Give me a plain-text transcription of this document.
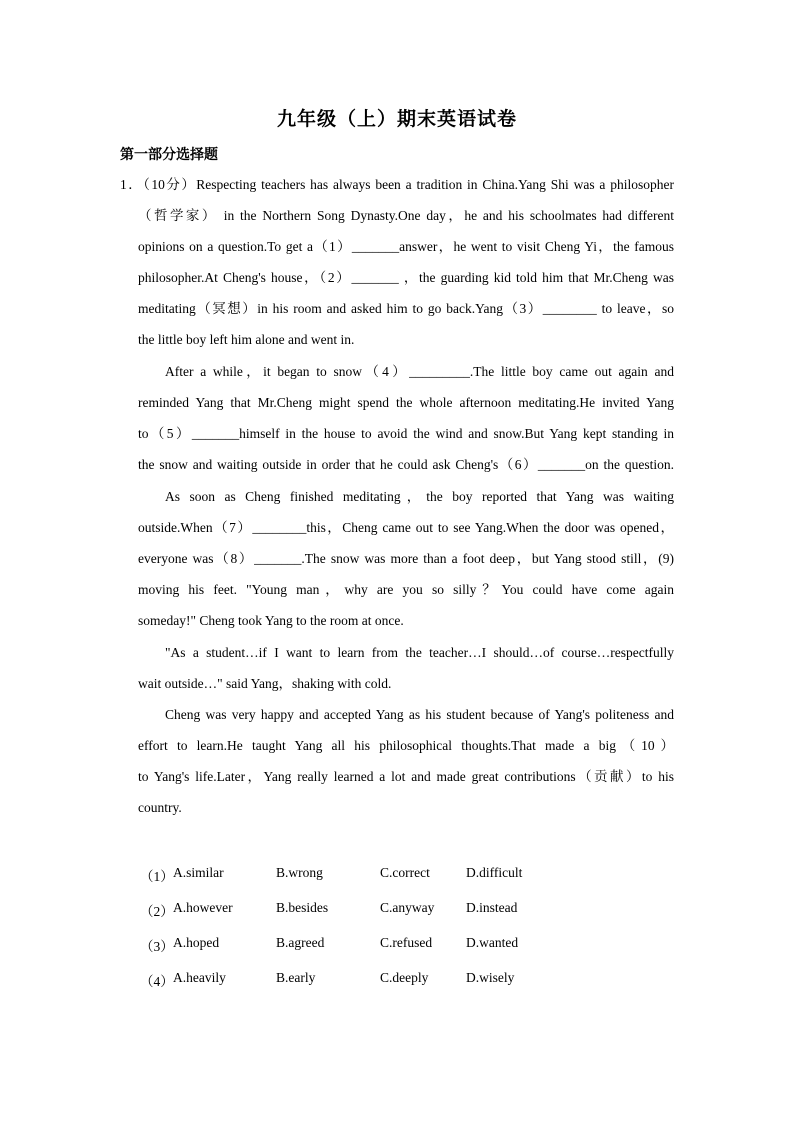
九年级（上）期末英语试卷
第一部分选择题
1．（10分）Respecting teachers has always been a tradition in China.Yang Shi was a philosopher
（哲学家） in the Northern Song Dynasty.One day，he and his schoolmates had different
opinions on a question.To get a（1）_______answer，he went to visit Cheng Yi，the famous
philosopher.At Cheng's house，（2）_______ ，the guarding kid told him that Mr.Cheng was
meditating（冥想）in his room and asked him to go back.Yang（3）________ to leave，so
the little boy left him alone and went in.
After a while，it began to snow（4）_________.The little boy came out again and
reminded Yang that Mr.Cheng might spend the whole afternoon meditating.He invited Yang
to（5）_______himself in the house to avoid the wind and snow.But Yang kept standing in
the snow and waiting outside in order that he could ask Cheng's（6）_______on the question.
As soon as Cheng finished meditating，the boy reported that Yang was waiting
outside.When（7）________this，Cheng came out to see Yang.When the door was opened，
everyone was（8）_______.The snow was more than a foot deep，but Yang stood still，(9)
moving his feet. "Young man，why are you so silly？You could have come again
someday!" Cheng took Yang to the room at once.
"As a student…if I want to learn from the teacher…I should…of course…respectfully
wait outside…" said Yang，shaking with cold.
Cheng was very happy and accepted Yang as his student because of Yang's politeness and
effort to learn.He taught Yang all his philosophical thoughts.That made a big（10）
to Yang's life.Later，Yang really learned a lot and made great contributions（贡献）to his
country.
（1） A.similar	B.wrong	C.correct	D.difficult
（2） A.however	B.besides	C.anyway D.instead
（3） A.hoped	B.agreed	C.refused	D.wanted
（4） A.heavily	B.early	C.deeply	D.wisely
